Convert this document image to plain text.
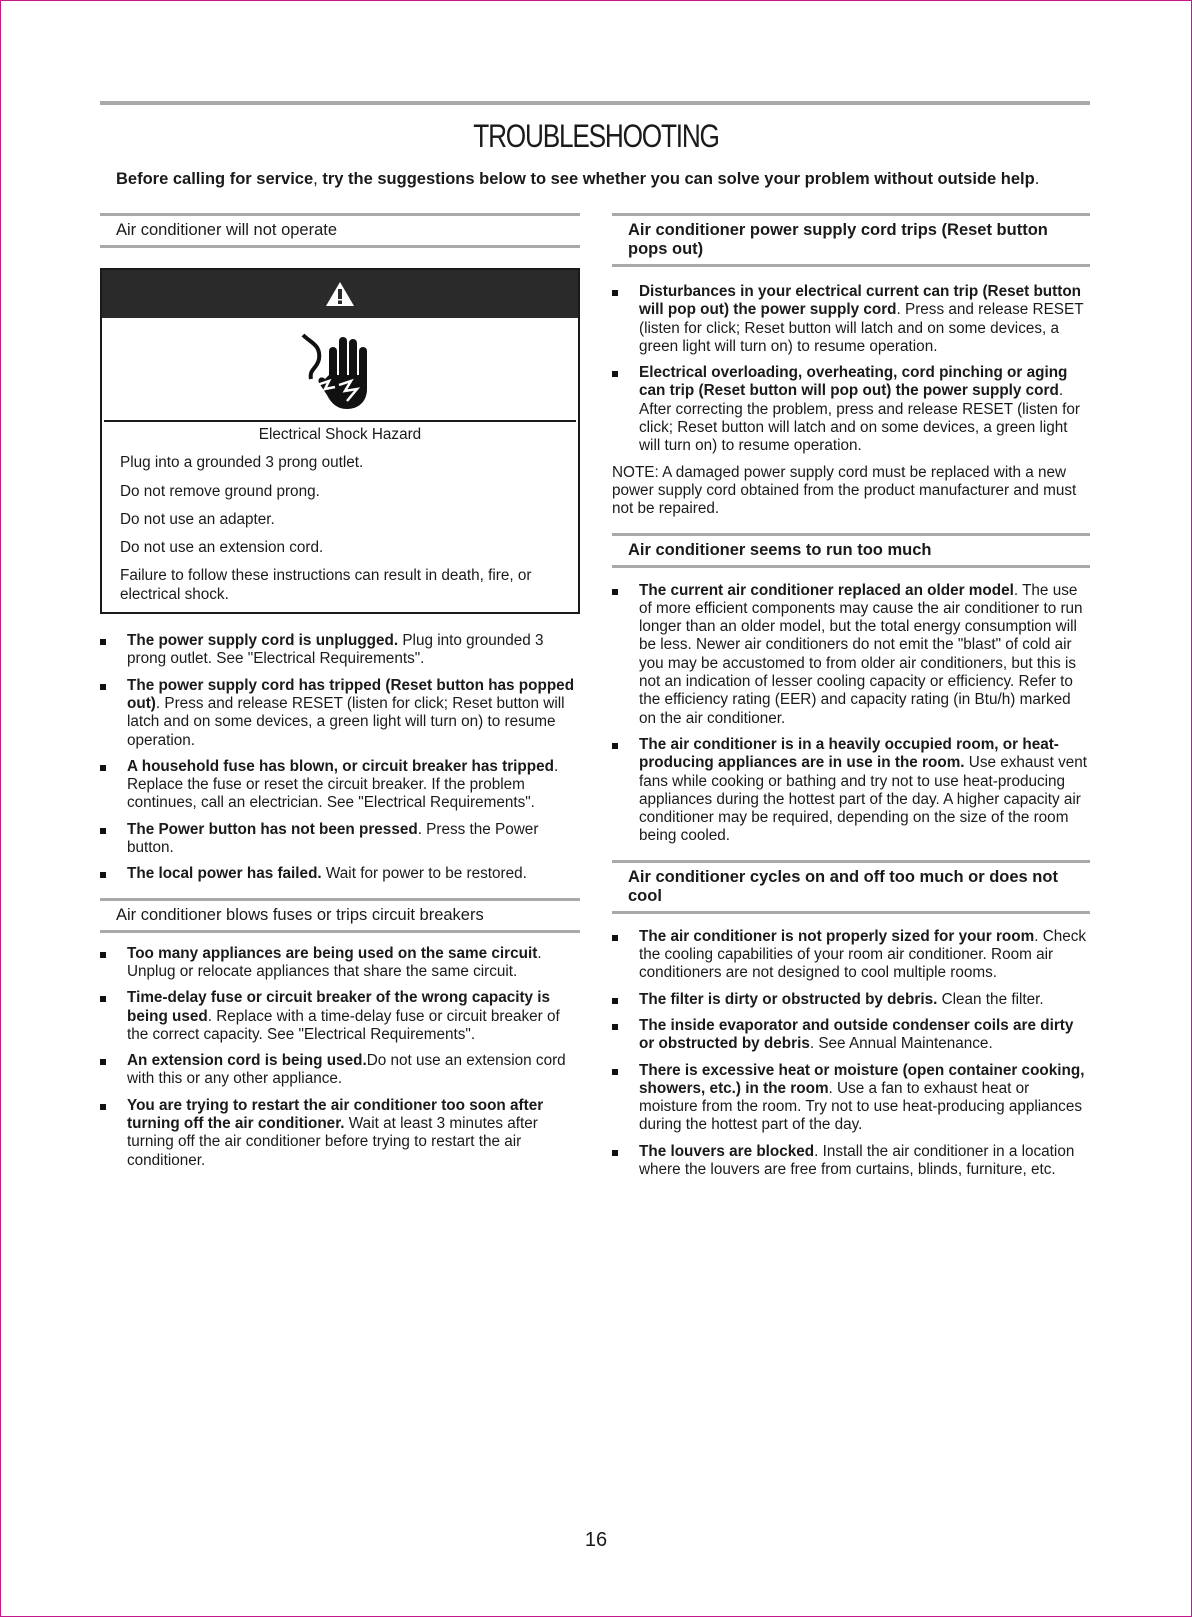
TROUBLESHOOTING
Before calling for service, try the suggestions below to see whether you can solve your problem without outside help.
Air conditioner will not operate
Electrical Shock Hazard

Plug into a grounded 3 prong outlet.

Do not remove ground prong.

Do not use an adapter.

Do not use an extension cord.

Failure to follow these instructions can result in death, fire, or electrical shock.

The power supply cord is unplugged. Plug into grounded 3 prong outlet. See "Electrical Requirements".
The power supply cord has tripped (Reset button has popped out). Press and release RESET (listen for click; Reset button will latch and on some devices, a green light will turn on) to resume operation.
A household fuse has blown, or circuit breaker has tripped. Replace the fuse or reset the circuit breaker. If the problem continues, call an electrician. See "Electrical Requirements".
The Power button has not been pressed. Press the Power button.
The local power has failed. Wait for power to be restored.
Air conditioner blows fuses or trips circuit breakers
Too many appliances are being used on the same circuit. Unplug or relocate appliances that share the same circuit.
Time-delay fuse or circuit breaker of the wrong capacity is being used. Replace with a time-delay fuse or circuit breaker of the correct capacity. See "Electrical Requirements".
An extension cord is being used.Do not use an extension cord with this or any other appliance.
You are trying to restart the air conditioner too soon after turning off the air conditioner. Wait at least 3 minutes after turning off the air conditioner before trying to restart the air conditioner.
Air conditioner power supply cord trips (Reset button pops out)
Disturbances in your electrical current can trip (Reset button will pop out) the power supply cord. Press and release RESET (listen for click; Reset button will latch and on some devices, a green light will turn on) to resume operation.
Electrical overloading, overheating, cord pinching or aging can trip (Reset button will pop out) the power supply cord. After correcting the problem, press and release RESET (listen for click; Reset button will latch and on some devices, a green light will turn on) to resume operation.

NOTE: A damaged power supply cord must be replaced with a new power supply cord obtained from the product manufacturer and must not be repaired.

Air conditioner seems to run too much
The current air conditioner replaced an older model. The use of more efficient components may cause the air conditioner to run longer than an older model, but the total energy consumption will be less. Newer air conditioners do not emit the "blast" of cold air you may be accustomed to from older air conditioners, but this is not an indication of lesser cooling capacity or efficiency. Refer to the efficiency rating (EER) and capacity rating (in Btu/h) marked on the air conditioner.
The air conditioner is in a heavily occupied room, or heat-producing appliances are in use in the room. Use exhaust vent fans while cooking or bathing and try not to use heat-producing appliances during the hottest part of the day. A higher capacity air conditioner may be required, depending on the size of the room being cooled.
Air conditioner cycles on and off too much or does not cool
The air conditioner is not properly sized for your room. Check the cooling capabilities of your room air conditioner. Room air conditioners are not designed to cool multiple rooms.
The filter is dirty or obstructed by debris. Clean the filter.
The inside evaporator and outside condenser coils are dirty or obstructed by debris. See Annual Maintenance.
There is excessive heat or moisture (open container cooking, showers, etc.) in the room. Use a fan to exhaust heat or moisture from the room. Try not to use heat-producing appliances during the hottest part of the day.
The louvers are blocked. Install the air conditioner in a location where the louvers are free from curtains, blinds, furniture, etc.
16
